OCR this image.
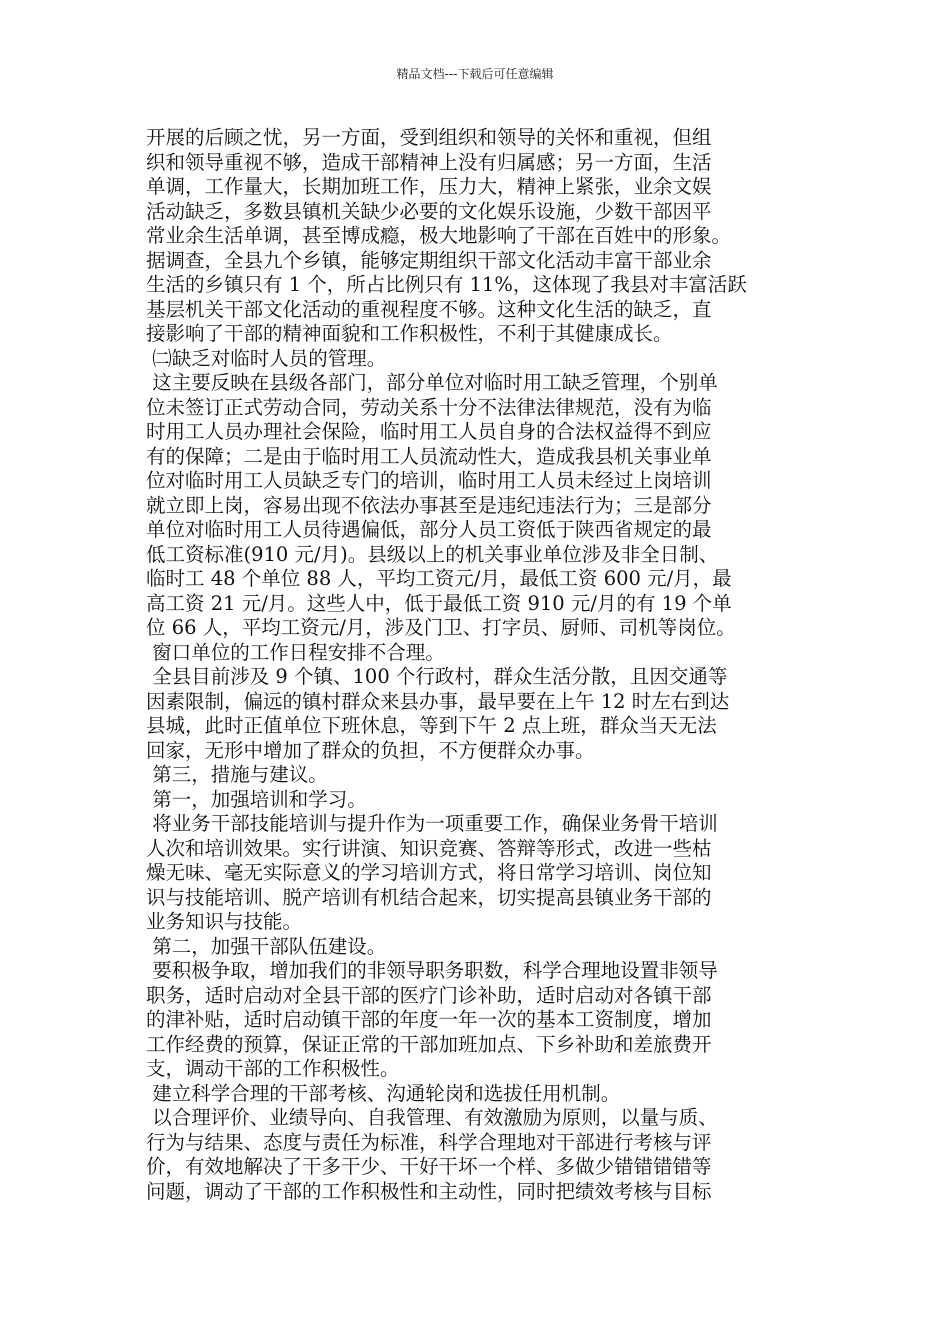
精品文档---下载后可任意编辑
开展的后顾之忧，另一方面，受到组织和领导的关怀和重视，但组
织和领导重视不够，造成干部精神上没有归属感；另一方面，生活
单调，工作量大，长期加班工作，压力大，精神上紧张，业余文娱
活动缺乏，多数县镇机关缺少必要的文化娱乐设施，少数干部因平
常业余生活单调，甚至博成瘾，极大地影响了干部在百姓中的形象。
据调查，全县九个乡镇，能够定期组织干部文化活动丰富干部业余
生活的乡镇只有 1 个，所占比例只有 11%，这体现了我县对丰富活跃
基层机关干部文化活动的重视程度不够。这种文化生活的缺乏，直
接影响了干部的精神面貌和工作积极性，不利于其健康成长。
㈡缺乏对临时人员的管理。
这主要反映在县级各部门，部分单位对临时用工缺乏管理，个别单
位未签订正式劳动合同，劳动关系十分不法律法律规范，没有为临
时用工人员办理社会保险，临时用工人员自身的合法权益得不到应
有的保障；二是由于临时用工人员流动性大，造成我县机关事业单
位对临时用工人员缺乏专门的培训，临时用工人员未经过上岗培训
就立即上岗，容易出现不依法办事甚至是违纪违法行为；三是部分
单位对临时用工人员待遇偏低，部分人员工资低于陕西省规定的最
低工资标准(910 元/月)。县级以上的机关事业单位涉及非全日制、
临时工 48 个单位 88 人，平均工资元/月，最低工资 600 元/月，最
高工资 21 元/月。这些人中，低于最低工资 910 元/月的有 19 个单
位 66 人，平均工资元/月，涉及门卫、打字员、厨师、司机等岗位。
窗口单位的工作日程安排不合理。
全县目前涉及 9 个镇、100 个行政村，群众生活分散，且因交通等
因素限制，偏远的镇村群众来县办事，最早要在上午 12 时左右到达
县城，此时正值单位下班休息，等到下午 2 点上班，群众当天无法
回家，无形中增加了群众的负担，不方便群众办事。
第三，措施与建议。
第一，加强培训和学习。
将业务干部技能培训与提升作为一项重要工作，确保业务骨干培训
人次和培训效果。实行讲演、知识竞赛、答辩等形式，改进一些枯
燥无味、毫无实际意义的学习培训方式，将日常学习培训、岗位知
识与技能培训、脱产培训有机结合起来，切实提高县镇业务干部的
业务知识与技能。
第二，加强干部队伍建设。
要积极争取，增加我们的非领导职务职数，科学合理地设置非领导
职务，适时启动对全县干部的医疗门诊补助，适时启动对各镇干部
的津补贴，适时启动镇干部的年度一年一次的基本工资制度，增加
工作经费的预算，保证正常的干部加班加点、下乡补助和差旅费开
支，调动干部的工作积极性。
建立科学合理的干部考核、沟通轮岗和选拔任用机制。
以合理评价、业绩导向、自我管理、有效激励为原则，以量与质、
行为与结果、态度与责任为标准，科学合理地对干部进行考核与评
价，有效地解决了干多干少、干好干坏一个样、多做少错错错错等
问题，调动了干部的工作积极性和主动性，同时把绩效考核与目标
